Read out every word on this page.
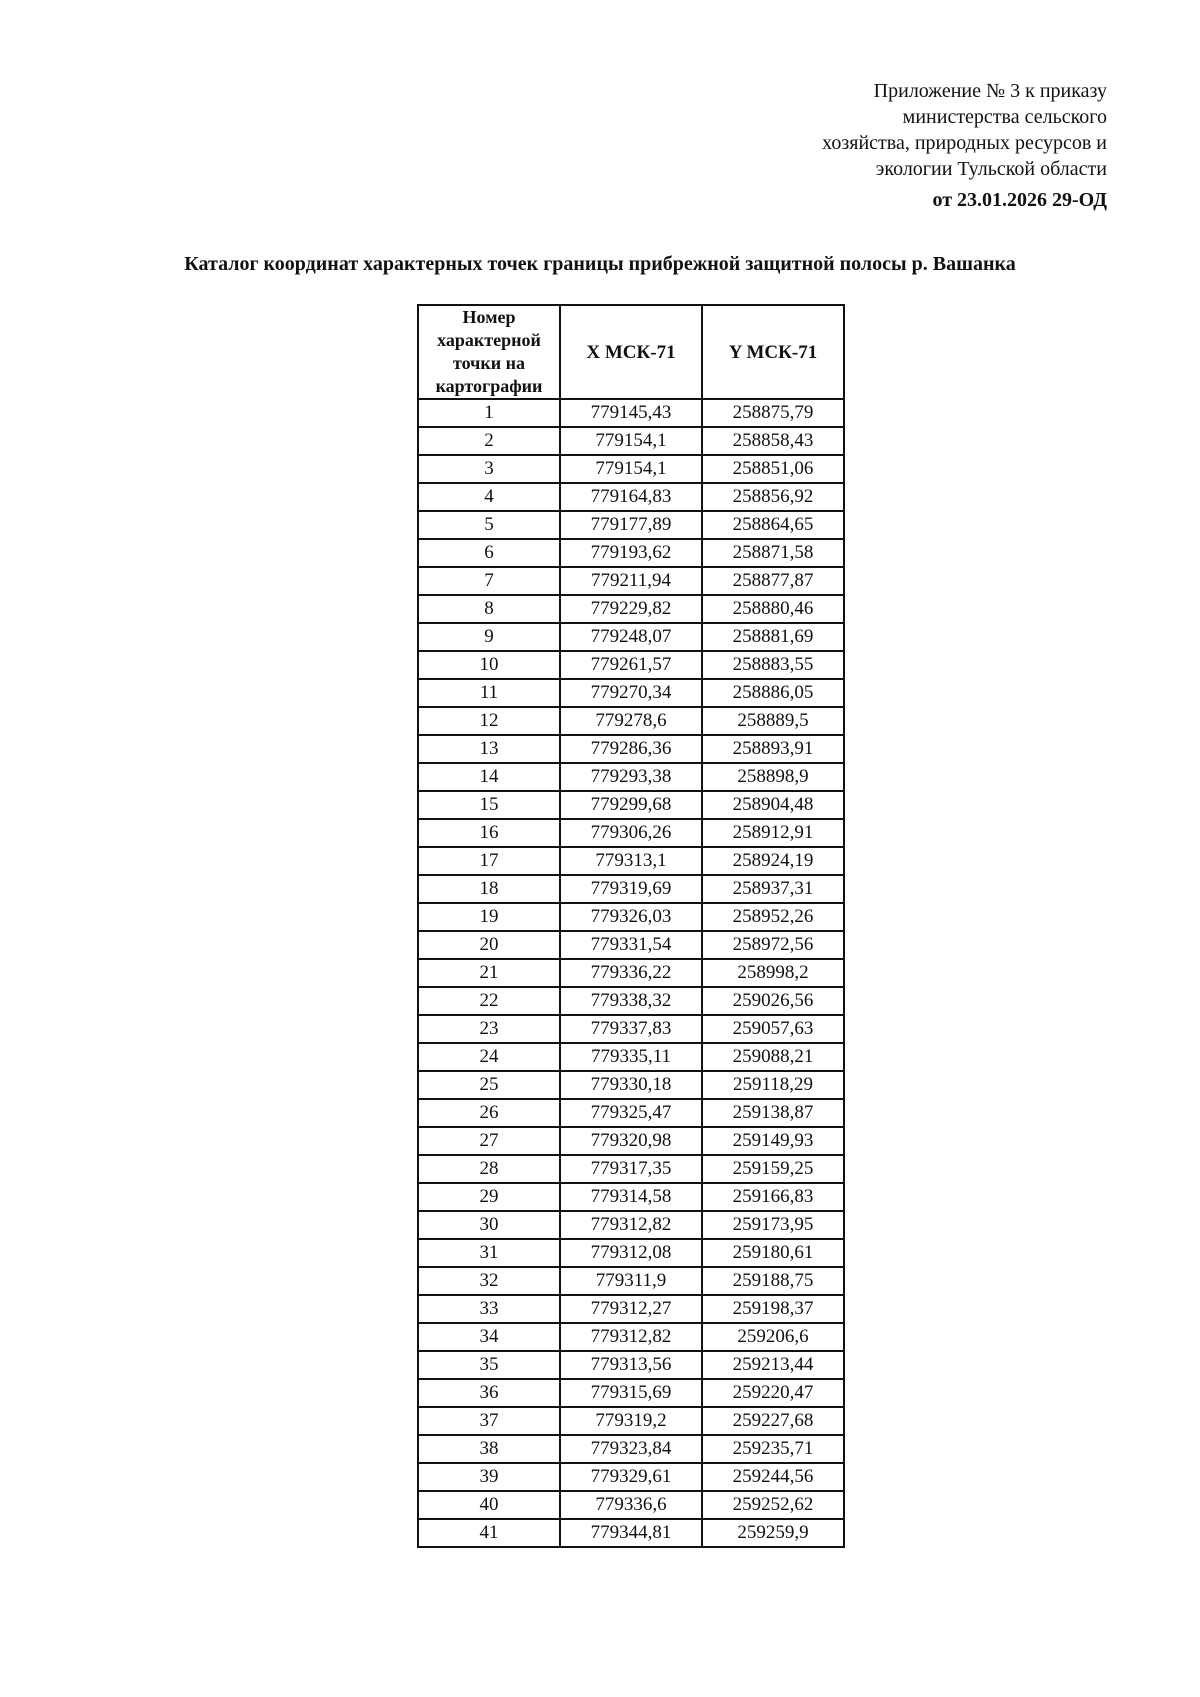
Приложение № 3 к приказу
министерства сельского
хозяйства, природных ресурсов и
экологии Тульской области
от 23.01.2026 29-ОД
Каталог координат характерных точек границы прибрежной защитной полосы р. Вашанка
Номер характерной точки на картографии	X МСК-71	Y МСК-71
1	779145,43	258875,79
2	779154,1	258858,43
3	779154,1	258851,06
4	779164,83	258856,92
5	779177,89	258864,65
6	779193,62	258871,58
7	779211,94	258877,87
8	779229,82	258880,46
9	779248,07	258881,69
10	779261,57	258883,55
11	779270,34	258886,05
12	779278,6	258889,5
13	779286,36	258893,91
14	779293,38	258898,9
15	779299,68	258904,48
16	779306,26	258912,91
17	779313,1	258924,19
18	779319,69	258937,31
19	779326,03	258952,26
20	779331,54	258972,56
21	779336,22	258998,2
22	779338,32	259026,56
23	779337,83	259057,63
24	779335,11	259088,21
25	779330,18	259118,29
26	779325,47	259138,87
27	779320,98	259149,93
28	779317,35	259159,25
29	779314,58	259166,83
30	779312,82	259173,95
31	779312,08	259180,61
32	779311,9	259188,75
33	779312,27	259198,37
34	779312,82	259206,6
35	779313,56	259213,44
36	779315,69	259220,47
37	779319,2	259227,68
38	779323,84	259235,71
39	779329,61	259244,56
40	779336,6	259252,62
41	779344,81	259259,9
